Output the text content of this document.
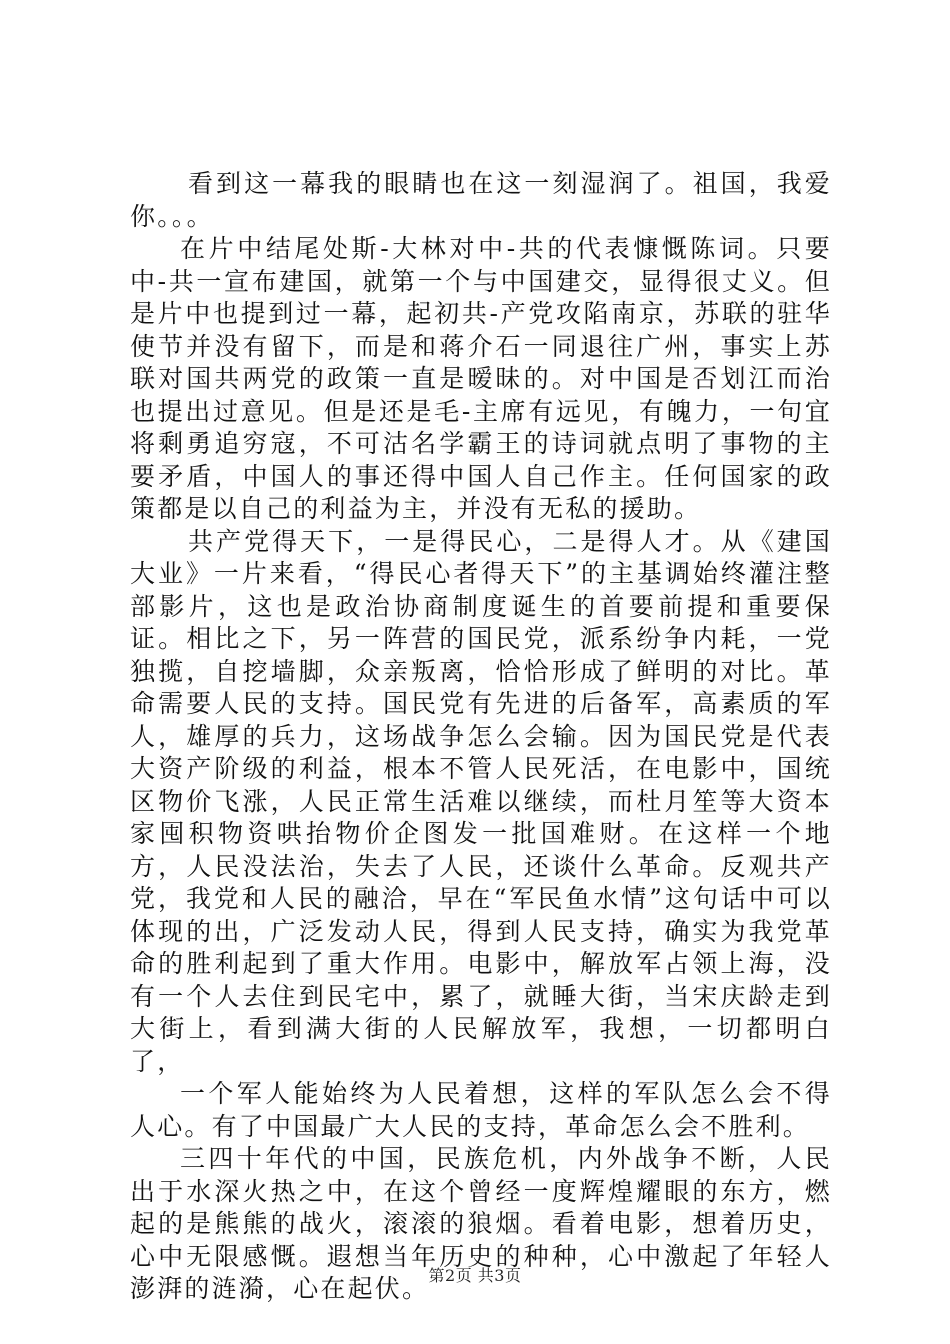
看到这一幕我的眼睛也在这一刻湿润了。祖国，我爱你。。。

在片中结尾处斯-大林对中-共的代表慷慨陈词。只要中-共一宣布建国，就第一个与中国建交，显得很丈义。但是片中也提到过一幕，起初共-产党攻陷南京，苏联的驻华使节并没有留下，而是和蒋介石一同退往广州，事实上苏联对国共两党的政策一直是暧昧的。对中国是否划江而治也提出过意见。但是还是毛-主席有远见，有魄力，一句宜将剩勇追穷寇，不可沽名学霸王的诗词就点明了事物的主要矛盾，中国人的事还得中国人自己作主。任何国家的政策都是以自己的利益为主，并没有无私的援助。

共产党得天下，一是得民心，二是得人才。从《建国大业》一片来看，“得民心者得天下”的主基调始终灌注整部影片，这也是政治协商制度诞生的首要前提和重要保证。相比之下，另一阵营的国民党，派系纷争内耗，一党独揽，自挖墙脚，众亲叛离，恰恰形成了鲜明的对比。革命需要人民的支持。国民党有先进的后备军，高素质的军人，雄厚的兵力，这场战争怎么会输。因为国民党是代表大资产阶级的利益，根本不管人民死活，在电影中，国统区物价飞涨，人民正常生活难以继续，而杜月笙等大资本家囤积物资哄抬物价企图发一批国难财。在这样一个地方，人民没法治，失去了人民，还谈什么革命。反观共产党，我党和人民的融洽，早在“军民鱼水情”这句话中可以体现的出，广泛发动人民，得到人民支持，确实为我党革命的胜利起到了重大作用。电影中，解放军占领上海，没有一个人去住到民宅中，累了，就睡大街，当宋庆龄走到大街上，看到满大街的人民解放军，我想，一切都明白了，

一个军人能始终为人民着想，这样的军队怎么会不得人心。有了中国最广大人民的支持，革命怎么会不胜利。

三四十年代的中国，民族危机，内外战争不断，人民出于水深火热之中，在这个曾经一度辉煌耀眼的东方，燃起的是熊熊的战火，滚滚的狼烟。看着电影，想着历史，心中无限感慨。遐想当年历史的种种，心中激起了年轻人澎湃的涟漪，心在起伏。 第2页 共3页
